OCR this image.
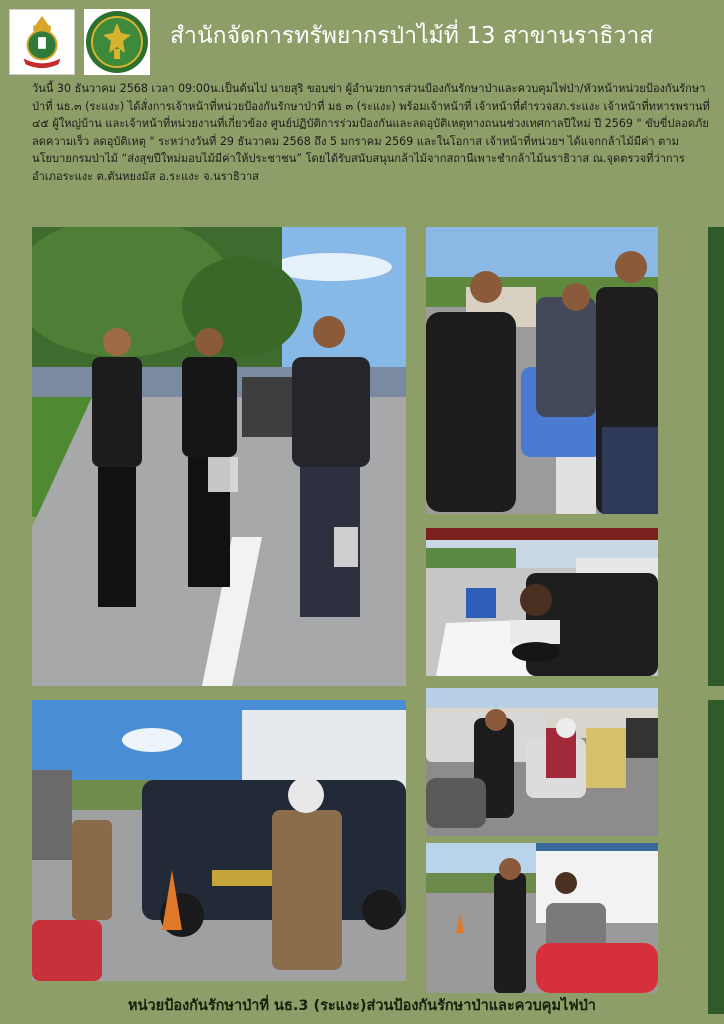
สำนักจัดการทรัพยากรป่าไม้ที่ 13 สาขานราธิวาส
วันนี้ 30 ธันวาคม 2568 เวลา 09:00น.เป็นต้นไป นายสุริ ขอบข่า ผู้อำนวยการส่วนป้องกันรักษาป่าและควบคุมไฟป่า/หัวหน้าหน่วยป้องกันรักษาป่าที่ นธ.๓ (ระแงะ) ได้สั่งการเจ้าหน้าที่หน่วยป้องกันรักษาป่าที่ มธ ๓ (ระแงะ) พร้อมเจ้าหน้าที่ เจ้าหน้าที่ตำรวจสภ.ระแงะ เจ้าหน้าที่ทหารพรานที่ ๔๕ ผู้ใหญ่บ้าน และเจ้าหน้าที่หน่วยงานที่เกี่ยวข้อง ศูนย์ปฏิบัติการร่วมป้องกันและลดอุบัติเหตุทางถนนช่วงเทศกาลปีใหม่ ปี 2569 " ขับขี่ปลอดภัย ลดความเร็ว ลดอุบัติเหตุ " ระหว่างวันที่ 29 ธันวาคม 2568 ถึง 5 มกราคม 2569 และในโอกาส เจ้าหน้าที่หน่วยฯ ได้แจกกล้าไม้มีค่า ตามนโยบายกรมป่าไม้ “ส่งสุขปีใหม่มอบไม้มีค่าให้ประชาชน” โดยได้รับสนับสนุนกล้าไม้จากสถานีเพาะชำกล้าไม้นราธิวาส ณ.จุดตรวจที่ว่าการอำเภอระแงะ ต.ตันหยงมัส อ.ระแงะ จ.นราธิวาส
หน่วยป้องกันรักษาป่าที่ นธ.3 (ระแงะ)ส่วนป้องกันรักษาป่าและควบคุมไฟป่า
